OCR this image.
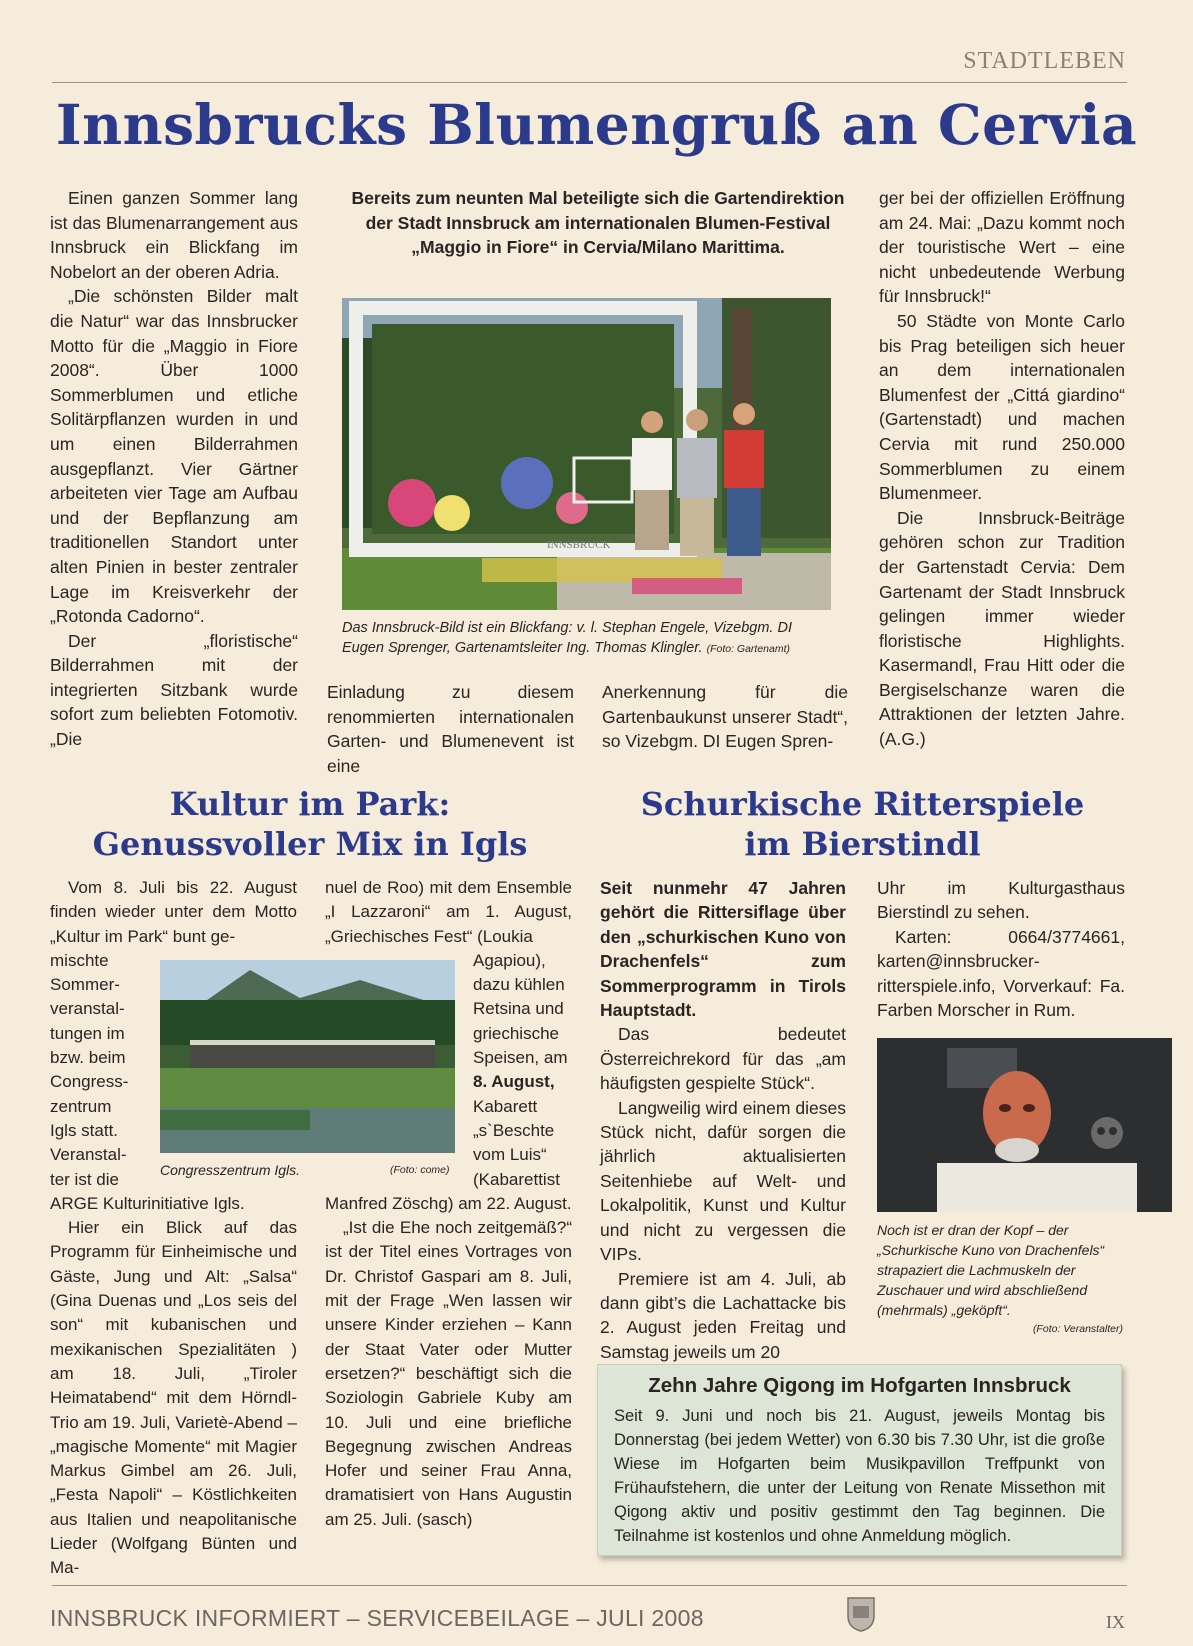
STADTLEBEN
Innsbrucks Blumengruß an Cervia

Einen ganzen Sommer lang ist das Blumenarrangement aus Innsbruck ein Blickfang im Nobelort an der oberen Adria.

„Die schönsten Bilder malt die Natur“ war das Innsbrucker Motto für die „Maggio in Fiore 2008“. Über 1000 Sommerblumen und etliche Solitärpflanzen wurden in und um einen Bilderrahmen ausgepflanzt. Vier Gärtner arbeiteten vier Tage am Aufbau und der Bepflanzung am traditionellen Standort unter alten Pinien in bester zentraler Lage im Kreisverkehr der „Rotonda Cadorno“.

Der „floristische“ Bilderrahmen mit der integrierten Sitzbank wurde sofort zum beliebten Fotomotiv. „Die

Bereits zum neunten Mal beteiligte sich die Gartendirektion der Stadt Innsbruck am internationalen Blumen-Festival „Maggio in Fiore“ in Cervia/Milano Marittima.
INNSBRUCK
Das Innsbruck-Bild ist ein Blickfang: v. l. Stephan Engele, Vizebgm. DI Eugen Sprenger, Gartenamtsleiter Ing. Thomas Klingler. (Foto: Gartenamt)

Einladung zu diesem renommierten internationalen Garten- und Blumenevent ist eine

Anerkennung für die Gartenbaukunst unserer Stadt“, so Vizebgm. DI Eugen Spren-

ger bei der offiziellen Eröffnung am 24. Mai: „Dazu kommt noch der touristische Wert – eine nicht unbedeutende Werbung für Innsbruck!“

50 Städte von Monte Carlo bis Prag beteiligen sich heuer an dem internationalen Blumenfest der „Cittá giardino“ (Gartenstadt) und machen Cervia mit rund 250.000 Sommerblumen zu einem Blumenmeer.

Die Innsbruck-Beiträge gehören schon zur Tradition der Gartenstadt Cervia: Dem Gartenamt der Stadt Innsbruck gelingen immer wieder floristische Highlights. Kasermandl, Frau Hitt oder die Bergiselschanze waren die Attraktionen der letzten Jahre. (A.G.)

Kultur im Park:
Genussvoller Mix in Igls
Schurkische Ritterspiele
im Bierstindl

Vom 8. Juli bis 22. August finden wieder unter dem Motto „Kultur im Park“ bunt ge-

mischte
Sommer-
veranstal-
tungen im
bzw. beim
Congress-
zentrum
Igls statt.
Veranstal-
ter ist die

ARGE Kulturinitiative Igls.

Hier ein Blick auf das Programm für Einheimische und Gäste, Jung und Alt: „Salsa“ (Gina Duenas und „Los seis del son“ mit kubanischen und mexikanischen Spezialitäten ) am 18. Juli, „Tiroler Heimatabend“ mit dem Hörndl-Trio am 19. Juli, Varietè-Abend – „magische Momente“ mit Magier Markus Gimbel am 26. Juli, „Festa Napoli“ – Köstlichkeiten aus Italien und neapolitanische Lieder (Wolfgang Bünten und Ma-

Congresszentrum Igls.	(Foto: come)

nuel de Roo) mit dem Ensemble „I Lazzaroni“ am 1. August, „Griechisches Fest“ (Loukia

Agapiou),
dazu kühlen
Retsina und
griechische
Speisen, am
8. August,
Kabarett
„s`Beschte
vom Luis“
(Kabarettist

Manfred Zöschg) am 22. August.

„Ist die Ehe noch zeitgemäß?“ ist der Titel eines Vortrages von Dr. Christof Gaspari am 8. Juli, mit der Frage „Wen lassen wir unsere Kinder erziehen – Kann der Staat Vater oder Mutter ersetzen?“ beschäftigt sich die Soziologin Gabriele Kuby am 10. Juli und eine briefliche Begegnung zwischen Andreas Hofer und seiner Frau Anna, dramatisiert von Hans Augustin am 25. Juli. (sasch)

Seit nunmehr 47 Jahren gehört die Rittersiflage über den „schurkischen Kuno von Drachenfels“ zum Sommerprogramm in Tirols Hauptstadt.

Das bedeutet Österreichrekord für das „am häufigsten gespielte Stück“.

Langweilig wird einem dieses Stück nicht, dafür sorgen die jährlich aktualisierten Seitenhiebe auf Welt- und Lokalpolitik, Kunst und Kultur und nicht zu vergessen die VIPs.

Premiere ist am 4. Juli, ab dann gibt’s die Lachattacke bis 2. August jeden Freitag und Samstag jeweils um 20

Uhr im Kulturgasthaus Bierstindl zu sehen.

Karten: 0664/3774661, karten@innsbrucker-ritterspiele.info, Vorverkauf: Fa. Farben Morscher in Rum.

Noch ist er dran der Kopf – der „Schurkische Kuno von Drachenfels“ strapaziert die Lachmuskeln der Zuschauer und wird abschließend (mehrmals) „geköpft“.
(Foto: Veranstalter)
Zehn Jahre Qigong im Hofgarten Innsbruck
Seit 9. Juni und noch bis 21. August, jeweils Montag bis Donnerstag (bei jedem Wetter) von 6.30 bis 7.30 Uhr, ist die große Wiese im Hofgarten beim Musikpavillon Treffpunkt von Frühaufstehern, die unter der Leitung von Renate Missethon mit Qigong aktiv und positiv gestimmt den Tag beginnen. Die Teilnahme ist kostenlos und ohne Anmeldung möglich.
INNSBRUCK INFORMIERT – SERVICEBEILAGE – JULI 2008	IX
